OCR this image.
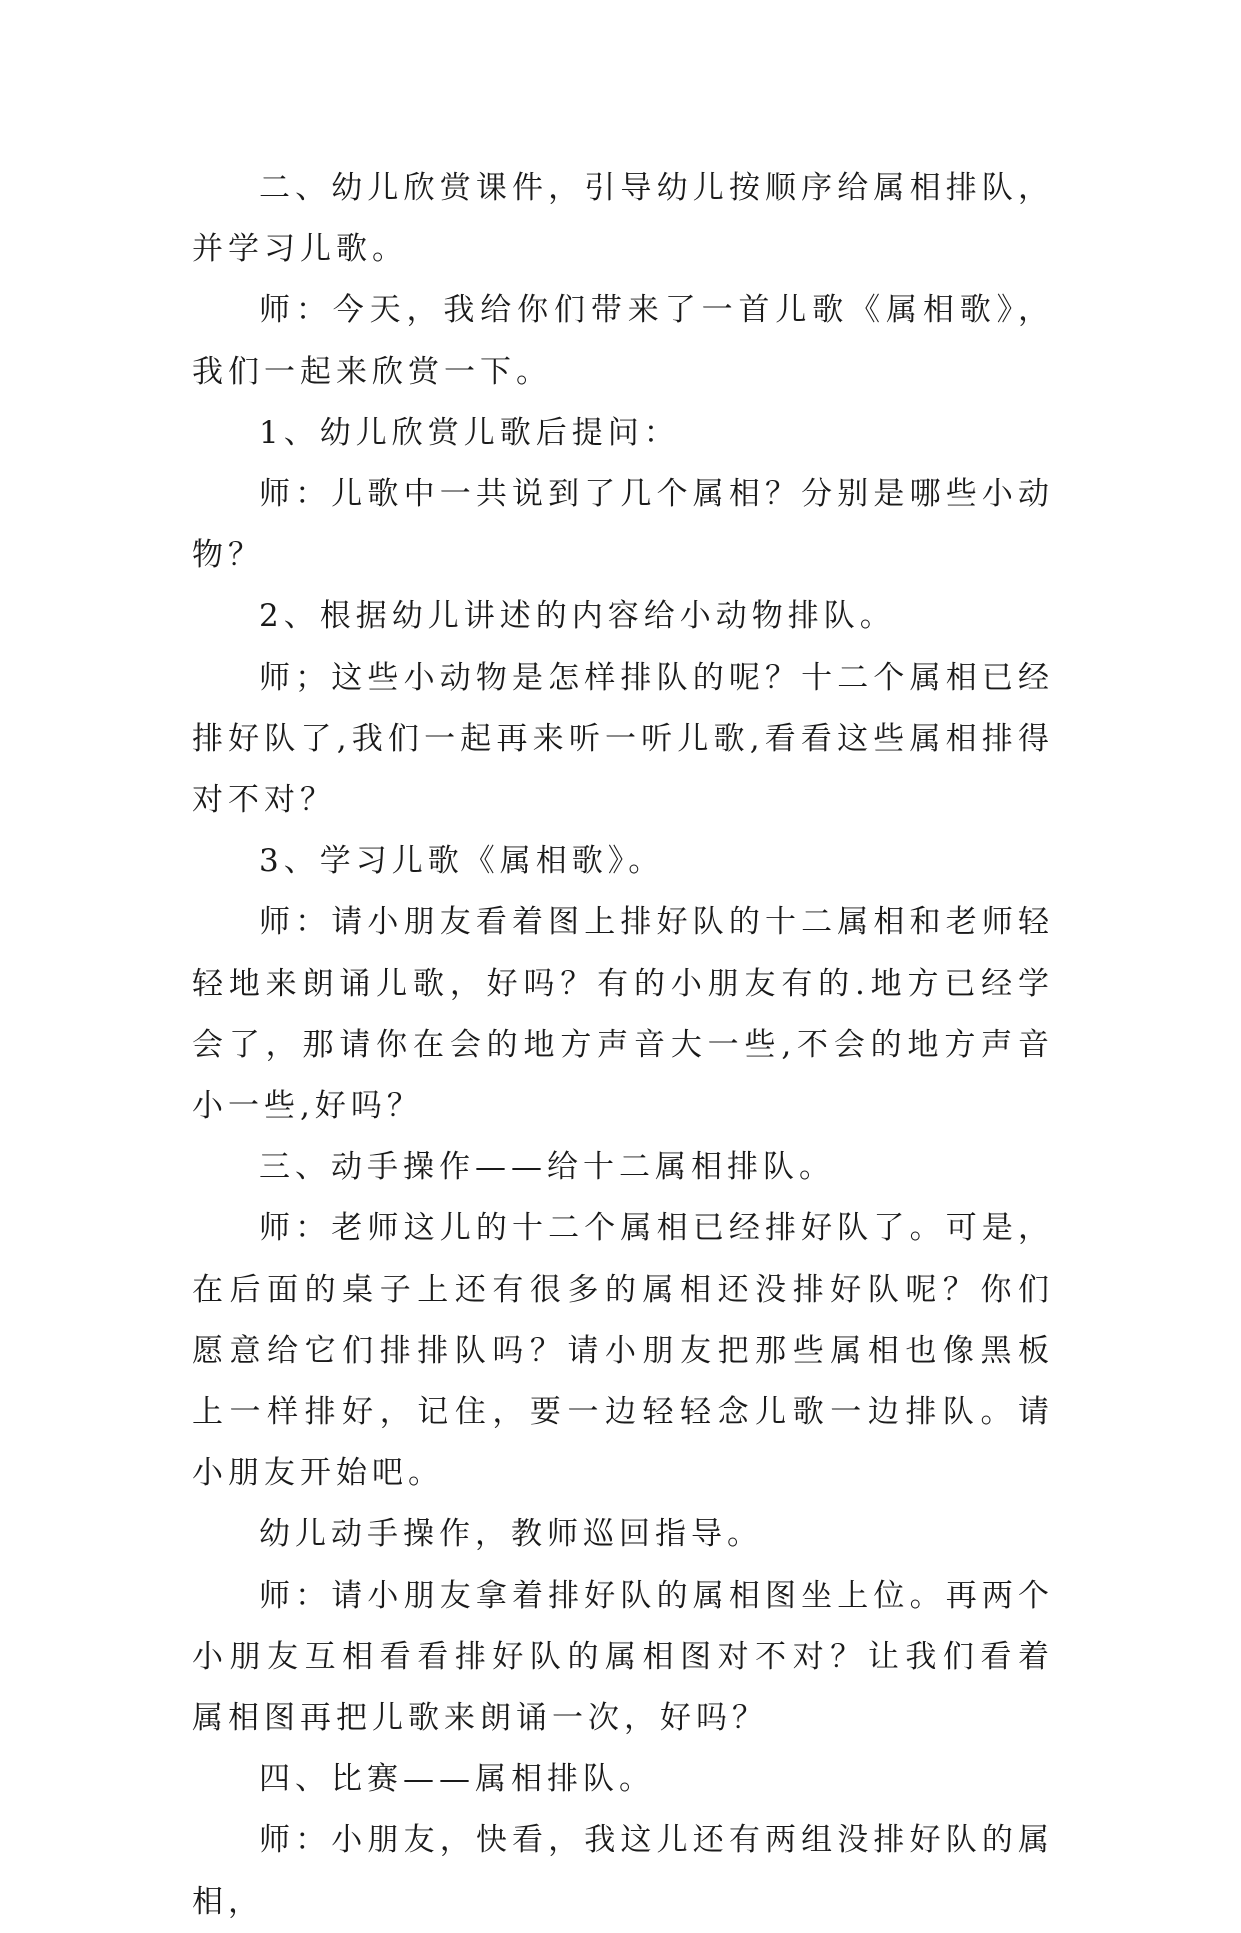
二、幼儿欣赏课件，引导幼儿按顺序给属相排队，并学习儿歌。

师：今天，我给你们带来了一首儿歌《属相歌》，我们一起来欣赏一下。

1、幼儿欣赏儿歌后提问：

师：儿歌中一共说到了几个属相？分别是哪些小动物？

2、根据幼儿讲述的内容给小动物排队。

师；这些小动物是怎样排队的呢？十二个属相已经排好队了,我们一起再来听一听儿歌,看看这些属相排得对不对？

3、学习儿歌《属相歌》。

师：请小朋友看着图上排好队的十二属相和老师轻轻地来朗诵儿歌，好吗？有的小朋友有的.地方已经学会了，那请你在会的地方声音大一些,不会的地方声音小一些,好吗？

三、动手操作——给十二属相排队。

师：老师这儿的十二个属相已经排好队了。可是，在后面的桌子上还有很多的属相还没排好队呢？你们愿意给它们排排队吗？请小朋友把那些属相也像黑板上一样排好，记住，要一边轻轻念儿歌一边排队。请小朋友开始吧。

幼儿动手操作，教师巡回指导。

师：请小朋友拿着排好队的属相图坐上位。再两个小朋友互相看看排好队的属相图对不对？让我们看着属相图再把儿歌来朗诵一次，好吗？

四、比赛——属相排队。

师：小朋友，快看，我这儿还有两组没排好队的属相，
